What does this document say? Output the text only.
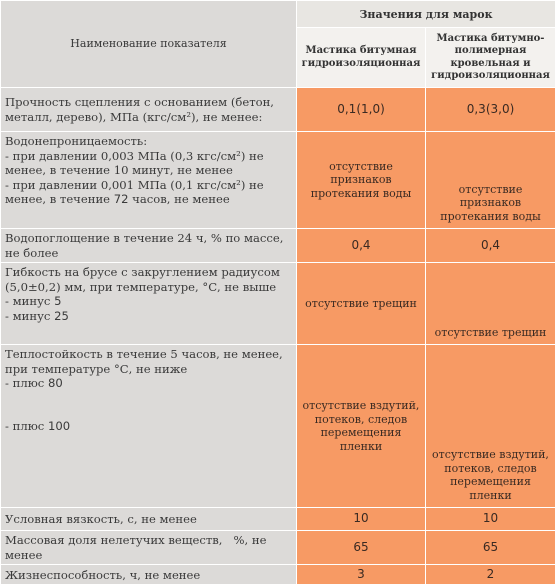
Наименование показателя	Значения для марок	
	Мастика битумная гидроизоляционная	Мастика битумно-полимерная кровельная и гидроизоляционная
Прочность сцепления с основанием (бетон, металл, дерево), МПа (кгс/см²), не менее:	0,1(1,0)	0,3(3,0)

Водонепроницаемость:
- при давлении 0,003 МПа (0,3 кгс/см²) не менее, в течение 10 минут, не менее
- при давлении 0,001 МПа (0,1 кгс/см²) не менее, в течение 72 часов, не менее	отсутствие признаков протекания воды	отсутствие признаков протекания воды
Водопоглощение в течение 24 ч, % по массе, не более	0,4	0,4

Гибкость на брусе с закруглением радиусом (5,0±0,2) мм, при температуре, °С, не выше
- минус 5
- минус 25	отсутствие трещин	отсутствие трещин

Теплостойкость в течение 5 часов, не менее, при температуре °С, не ниже
- плюс 80
- плюс 100	отсутствие вздутий, потеков, следов перемещения пленки	отсутствие вздутий, потеков, следов перемещения пленки
Условная вязкость, с, не менее	10	10
Массовая доля нелетучих веществ,   %, не менее	65	65
Жизнеспособность, ч, не менее	3	2
